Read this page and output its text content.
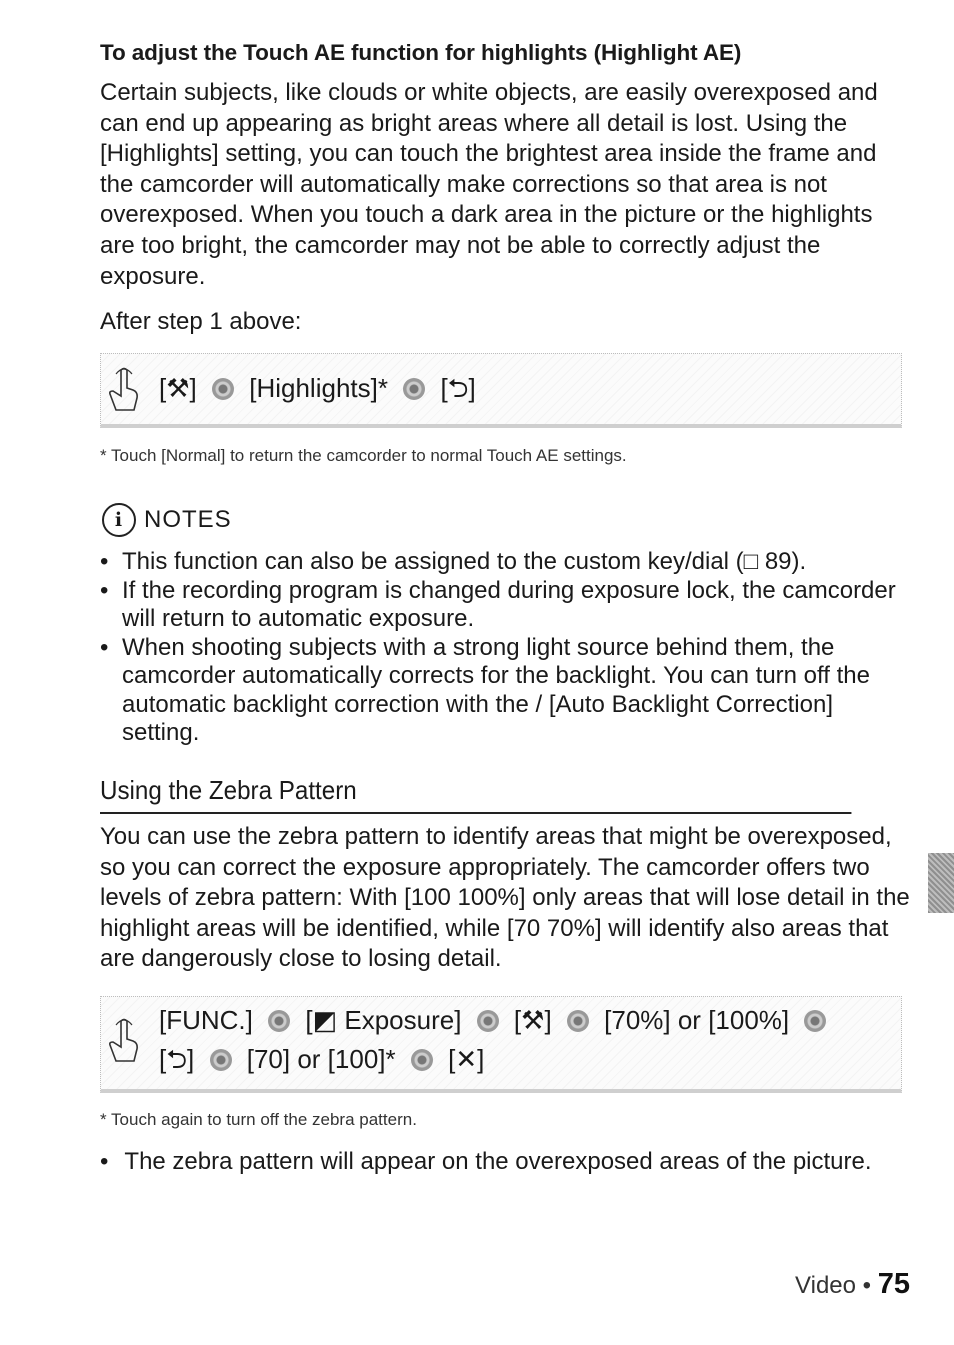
To adjust the Touch AE function for highlights (Highlight AE)
Certain subjects, like clouds or white objects, are easily overexposed and can end up appearing as bright areas where all detail is lost. Using the [Highlights] setting, you can touch the brightest area inside the frame and the camcorder will automatically make corrections so that area is not overexposed. When you touch a dark area in the picture or the highlights are too bright, the camcorder may not be able to correctly adjust the exposure.
After step 1 above:
[⚒] [Highlights]* [⮌]
* Touch [Normal] to return the camcorder to normal Touch AE settings.
i NOTES
• This function can also be assigned to the custom key/dial (□ 89).
• If the recording program is changed during exposure lock, the camcorder will return to automatic exposure.
• When shooting subjects with a strong light source behind them, the camcorder automatically corrects for the backlight. You can turn off the automatic backlight correction with the / [Auto Backlight Correction] setting.
Using the Zebra Pattern
You can use the zebra pattern to identify areas that might be overexposed, so you can correct the exposure appropriately. The camcorder offers two levels of zebra pattern: With [100 100%] only areas that will lose detail in the highlight areas will be identified, while [70 70%] will identify also areas that are dangerously close to losing detail.
[FUNC.] [◩ Exposure] [⚒] [70%] or [100%]
[⮌] [70] or [100]* [✕]
* Touch again to turn off the zebra pattern.
• The zebra pattern will appear on the overexposed areas of the picture.
Video • 75
